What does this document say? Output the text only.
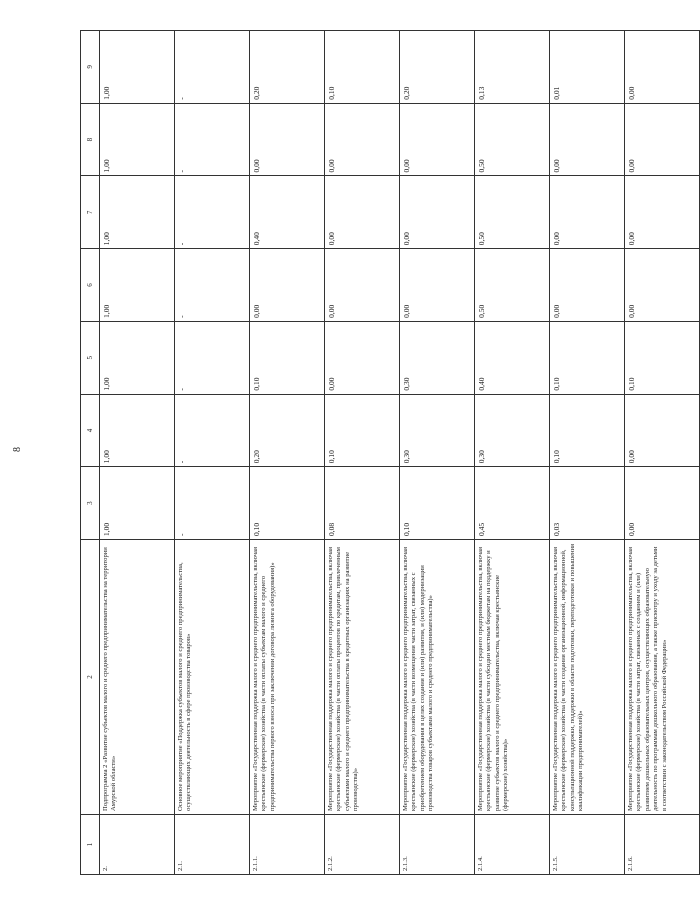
8
1	2	3	4	5	6	7	8	9
2.	Подпрограмма 2 «Развитие субъектов малого и среднего предпринимательства на территории Амурской области»	1,00	1,00	1,00	1,00	1,00	1,00	1,00
2.1.	Основное мероприятие «Поддержка субъектов малого и среднего предпринимательства, осуществляющих деятельность в сфере производства товаров»	-	-	-	-	-	-	-
2.1.1.	Мероприятие «Государственная поддержка малого и среднего предпринимательства, включая крестьянские (фермерские) хозяйства (в части оплаты субъектам малого и среднего предпринимательства первого взноса при заключении договора лизинга оборудования)»	0,10	0,20	0,10	0,00	0,40	0,00	0,20
2.1.2.	Мероприятие «Государственная поддержка малого и среднего предпринимательства, включая крестьянские (фермерские) хозяйства (в части оплаты процентов по кредитам, привлеченным субъектами малого и среднего предпринимательства в кредитных организациях на развитие производства)»	0,08	0,10	0,00	0,00	0,00	0,00	0,10
2.1.3.	Мероприятие «Государственная поддержка малого и среднего предпринимательства, включая крестьянские (фермерские) хозяйства (в части возмещения части затрат, связанных с приобретением оборудования в целях создания и (или) развития, и (или) модернизации производства товаров субъектами малого и среднего предпринимательства)»	0,10	0,30	0,30	0,00	0,00	0,00	0,20
2.1.4.	Мероприятие «Государственная поддержка малого и среднего предпринимательства, включая крестьянские (фермерские) хозяйства (в части субсидии местным бюджетам на поддержку и развитие субъектов малого и среднего предпринимательства, включая крестьянские (фермерские) хозяйства)»	0,45	0,30	0,40	0,50	0,50	0,50	0,13
2.1.5.	Мероприятие «Государственная поддержка малого и среднего предпринимательства, включая крестьянские (фермерские) хозяйства (в части создания организационной, информационной, консультационной поддержки, поддержки в области подготовки, переподготовки и повышения квалификации предпринимателей)»	0,03	0,10	0,10	0,00	0,00	0,00	0,01
2.1.6.	Мероприятие «Государственная поддержка малого и среднего предпринимательства, включая крестьянские (фермерские) хозяйства (в части затрат, связанных с созданием и (или) развитием дошкольных образовательных центров, осуществляющих образовательную деятельность по программам дошкольного образования, а также присмотру и уходу за детьми в соответствии с законодательством Российской Федерации»	0,00	0,00	0,10	0,00	0,00	0,00	0,00
